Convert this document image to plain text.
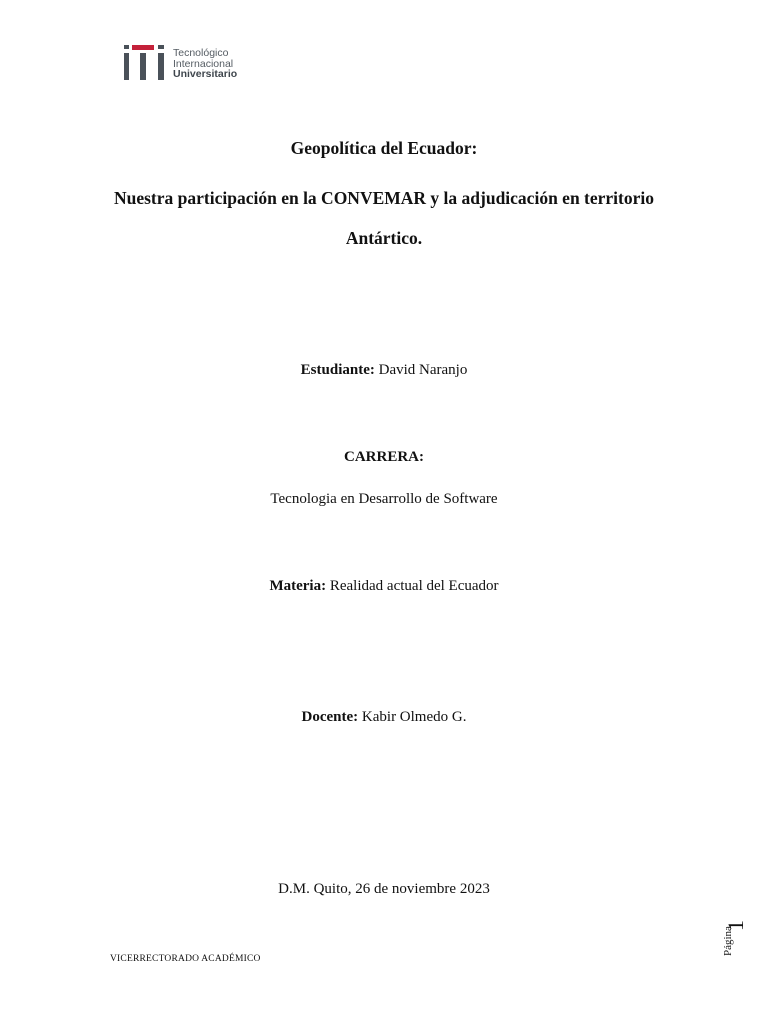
Tecnológico
Internacional
Universitario
Geopolítica del Ecuador:
Nuestra participación en la CONVEMAR y la adjudicación en territorio
Antártico.
Estudiante: David Naranjo
CARRERA:
Tecnologia en Desarrollo de Software
Materia: Realidad actual del Ecuador
Docente: Kabir Olmedo G.
D.M. Quito, 26 de noviembre 2023
VICERRECTORADO ACADÉMICO
Página
1
